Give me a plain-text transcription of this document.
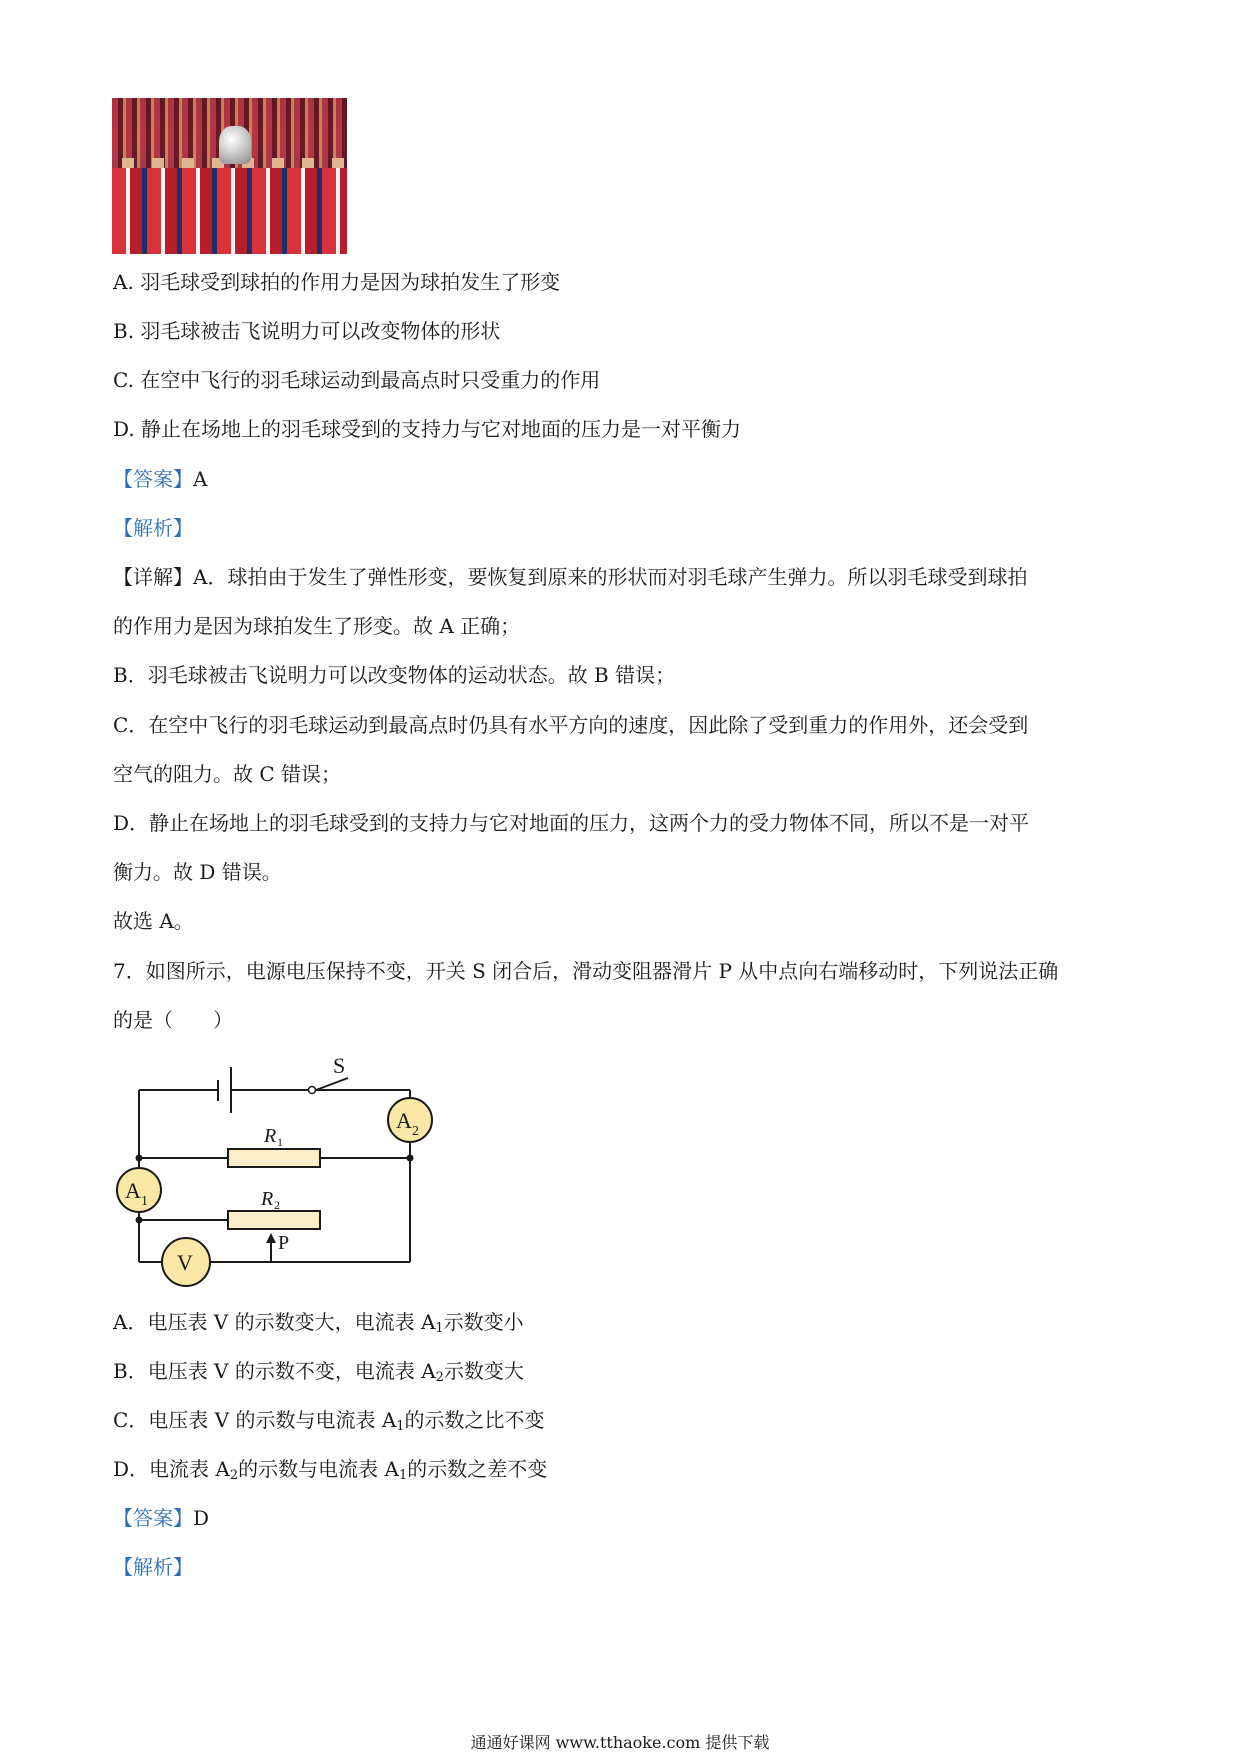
A. 羽毛球受到球拍的作用力是因为球拍发生了形变
B. 羽毛球被击飞说明力可以改变物体的形状
C. 在空中飞行的羽毛球运动到最高点时只受重力的作用
D. 静止在场地上的羽毛球受到的支持力与它对地面的压力是一对平衡力
【答案】A
【解析】
【详解】A．球拍由于发生了弹性形变，要恢复到原来的形状而对羽毛球产生弹力。所以羽毛球受到球拍
的作用力是因为球拍发生了形变。故 A 正确；
B．羽毛球被击飞说明力可以改变物体的运动状态。故 B 错误；
C．在空中飞行的羽毛球运动到最高点时仍具有水平方向的速度，因此除了受到重力的作用外，还会受到
空气的阻力。故 C 错误；
D．静止在场地上的羽毛球受到的支持力与它对地面的压力，这两个力的受力物体不同，所以不是一对平
衡力。故 D 错误。
故选 A。
7．如图所示，电源电压保持不变，开关 S 闭合后，滑动变阻器滑片 P 从中点向右端移动时，下列说法正确
的是（　　）
S
R 1
R 2
A 2
A 1
V
P
A．电压表 V 的示数变大，电流表 $A_1$示数变小
B．电压表 V 的示数不变，电流表 $A_2$示数变大
C．电压表 V 的示数与电流表 $A_1$的示数之比不变
D．电流表 $A_2$的示数与电流表 $A_1$的示数之差不变
【答案】D
【解析】
通通好课网 www.tthaoke.com 提供下载
